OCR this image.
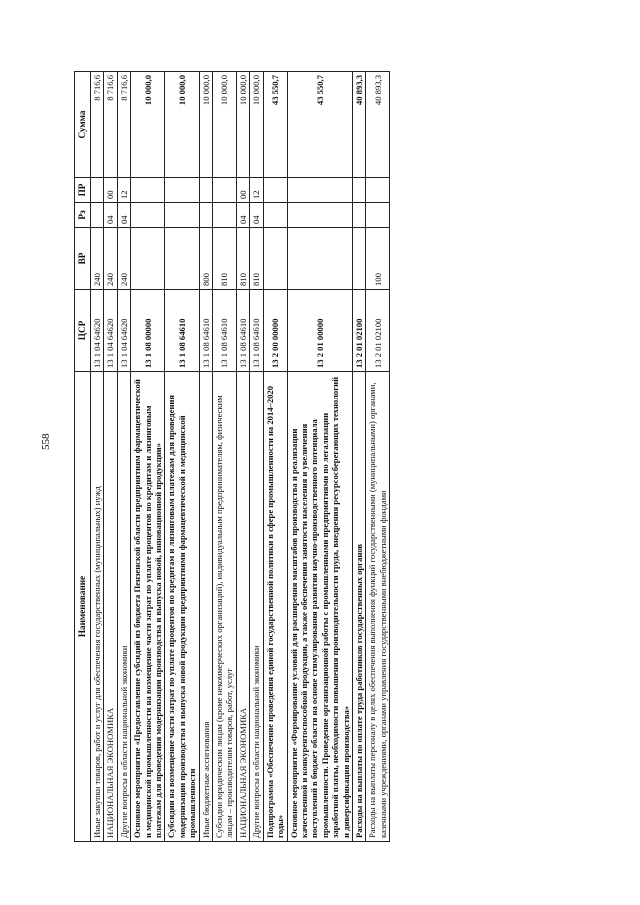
558
Наименование	ЦСР	ВР	Рз	ПР	Сумма
Иные закупки товаров, работ и услуг для обеспечения государственных (муниципальных) нужд	13 1 04 64620	240			8 716,6
НАЦИОНАЛЬНАЯ ЭКОНОМИКА	13 1 04 64620	240	04	00	8 716,6
Другие вопросы в области национальной экономики	13 1 04 64620	240	04	12	8 716,6
Основное мероприятие «Предоставление субсидий из бюджета Пензенской области предприятиям фармацевтической и медицинской промышленности на возмещение части затрат по уплате процентов по кредитам и лизинговым платежам для проведения модернизации производства и выпуска новой, инновационной продукции»	13 1 08 00000				10 000,0
Субсидии на возмещение части затрат по уплате процентов по кредитам и лизинговым платежам для проведения модернизации производства и выпуска новой продукции предприятиями фармацевтической и медицинской промышленности	13 1 08 64610				10 000,0
Иные бюджетные ассигнования	13 1 08 64610	800			10 000,0
Субсидии юридическим лицам (кроме некоммерческих организаций), индивидуальным предпринимателям, физическим лицам – производителям товаров, работ, услуг	13 1 08 64610	810			10 000,0
НАЦИОНАЛЬНАЯ ЭКОНОМИКА	13 1 08 64610	810	04	00	10 000,0
Другие вопросы в области национальной экономики	13 1 08 64610	810	04	12	10 000,0
Подпрограмма «Обеспечение проведения единой государственной политики в сфере промышленности на 2014–2020 годы»	13 2 00 00000				43 550,7
Основное мероприятие «Формирование условий для расширения масштабов производства и реализации качественной и конкурентоспособной продукции, а также обеспечения занятости населения и увеличения поступлений в бюджет области на основе стимулирования развития научно-производственного потенциала промышленности. Проведение организационной работы с промышленными предприятиями по легализации заработной платы, необходимости повышения производительности труда, внедрения ресурсосберегающих технологий и диверсификации производства»	13 2 01 00000				43 550,7
Расходы на выплаты по оплате труда работников государственных органов	13 2 01 02100				40 893,3
Расходы на выплаты персоналу в целях обеспечения выполнения функций государственными (муниципальными) органами, казенными учреждениями, органами управления государственными внебюджетными фондами	13 2 01 02100	100			40 893,3
